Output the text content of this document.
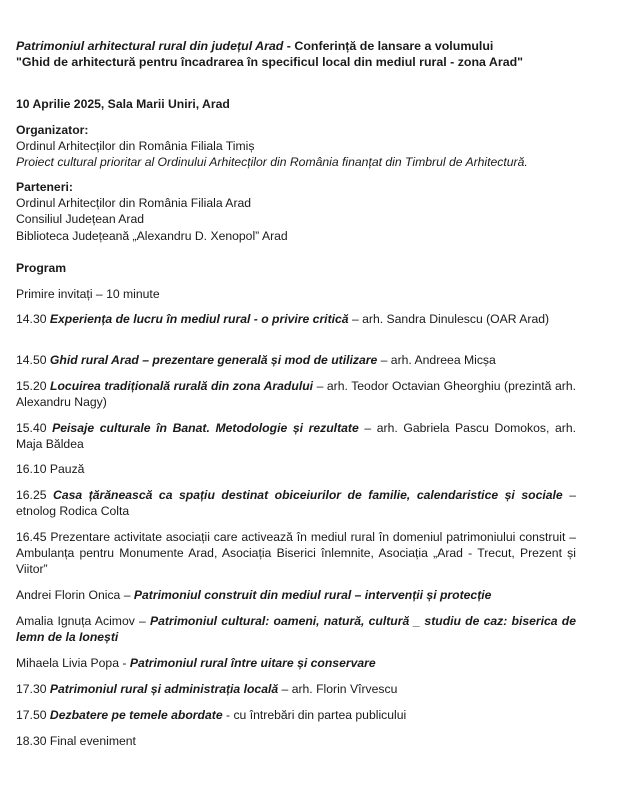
Patrimoniul arhitectural rural din județul Arad - Conferință de lansare a volumului

"Ghid de arhitectură pentru încadrarea în specificul local din mediul rural - zona Arad"

10 Aprilie 2025, Sala Marii Uniri, Arad

Organizator:

Ordinul Arhitecților din România Filiala Timiș

Proiect cultural prioritar al Ordinului Arhitecților din România finanțat din Timbrul de Arhitectură.

Parteneri:

Ordinul Arhitecților din România Filiala Arad

Consiliul Județean Arad

Biblioteca Județeană „Alexandru D. Xenopol” Arad

Program
Primire invitați – 10 minute
14.30 Experiența de lucru în mediul rural - o privire critică – arh. Sandra Dinulescu (OAR Arad)
14.50 Ghid rural Arad – prezentare generală și mod de utilizare – arh. Andreea Micșa
15.20 Locuirea tradițională rurală din zona Aradului – arh. Teodor Octavian Gheorghiu (prezintă arh. Alexandru Nagy)
15.40 Peisaje culturale în Banat. Metodologie și rezultate – arh. Gabriela Pascu Domokos, arh. Maja Băldea
16.10 Pauză
16.25 Casa țărănească ca spațiu destinat obiceiurilor de familie, calendaristice și sociale – etnolog Rodica Colta
16.45 Prezentare activitate asociații care activează în mediul rural în domeniul patrimoniului construit – Ambulanța pentru Monumente Arad, Asociația Biserici înlemnite, Asociația „Arad - Trecut, Prezent și Viitor”
Andrei Florin Onica – Patrimoniul construit din mediul rural – intervenții și protecție
Amalia Ignuța Acimov – Patrimoniul cultural: oameni, natură, cultură _ studiu de caz: biserica de lemn de la Ionești
Mihaela Livia Popa - Patrimoniul rural între uitare și conservare
17.30 Patrimoniul rural și administrația locală – arh. Florin Vîrvescu
17.50 Dezbatere pe temele abordate - cu întrebări din partea publicului
18.30 Final eveniment
